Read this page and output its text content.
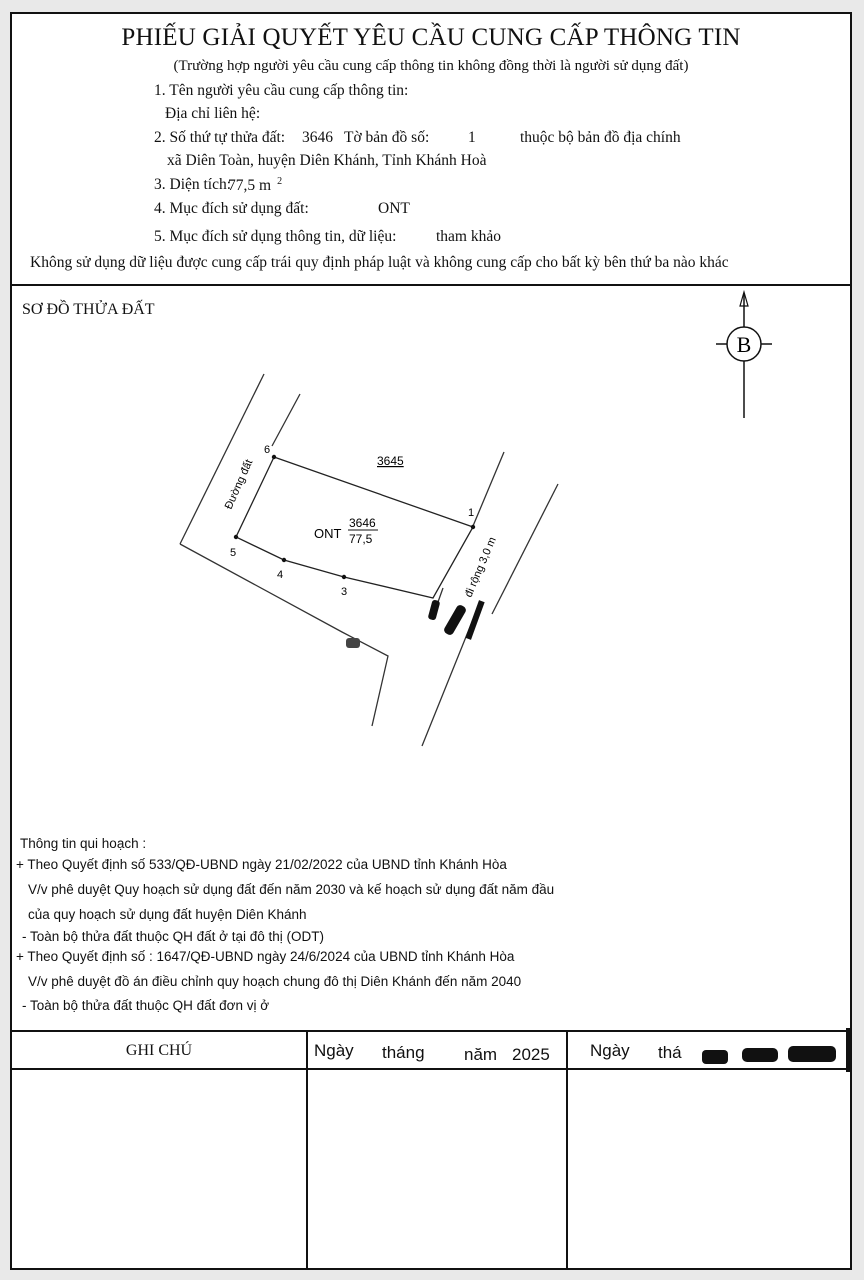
PHIẾU GIẢI QUYẾT YÊU CẦU CUNG CẤP THÔNG TIN
(Trường hợp người yêu cầu cung cấp thông tin không đồng thời là người sử dụng đất)
1. Tên người yêu cầu cung cấp thông tin:
Địa chỉ liên hệ:
2. Số thứ tự thửa đất: 3646 Tờ bản đồ số: 1	thuộc bộ bản đồ địa chính
xã Diên Toàn, huyện Diên Khánh, Tỉnh Khánh Hoà
3. Diện tích:
77,5 m $^2$
4. Mục đích sử dụng đất:	ONT
5. Mục đích sử dụng thông tin, dữ liệu:	tham khảo
Không sử dụng dữ liệu được cung cấp trái quy định pháp luật và không cung cấp cho bất kỳ bên thứ ba nào khác
SƠ ĐỒ THỬA ĐẤT
B
1
3
4
5
6
3645
ONT
3646
77,5
Đường đất
đi rộng 3,0 m
Thông tin qui hoạch :
+ Theo Quyết định số 533/QĐ-UBND ngày 21/02/2022 của UBND tỉnh Khánh Hòa
V/v phê duyệt Quy hoạch sử dụng đất đến năm 2030 và kế hoạch sử dụng đất năm đầu
của quy hoạch sử dụng đất huyện Diên Khánh
- Toàn bộ thửa đất thuộc QH đất ở tại đô thị (ODT)
+ Theo Quyết định số : 1647/QĐ-UBND ngày 24/6/2024 của UBND tỉnh Khánh Hòa
V/v phê duyệt đồ án điều chỉnh quy hoạch chung đô thị Diên Khánh đến năm 2040
- Toàn bộ thửa đất thuộc QH đất đơn vị ở
GHI CHÚ	Ngày tháng năm 2025 Ngày thá
